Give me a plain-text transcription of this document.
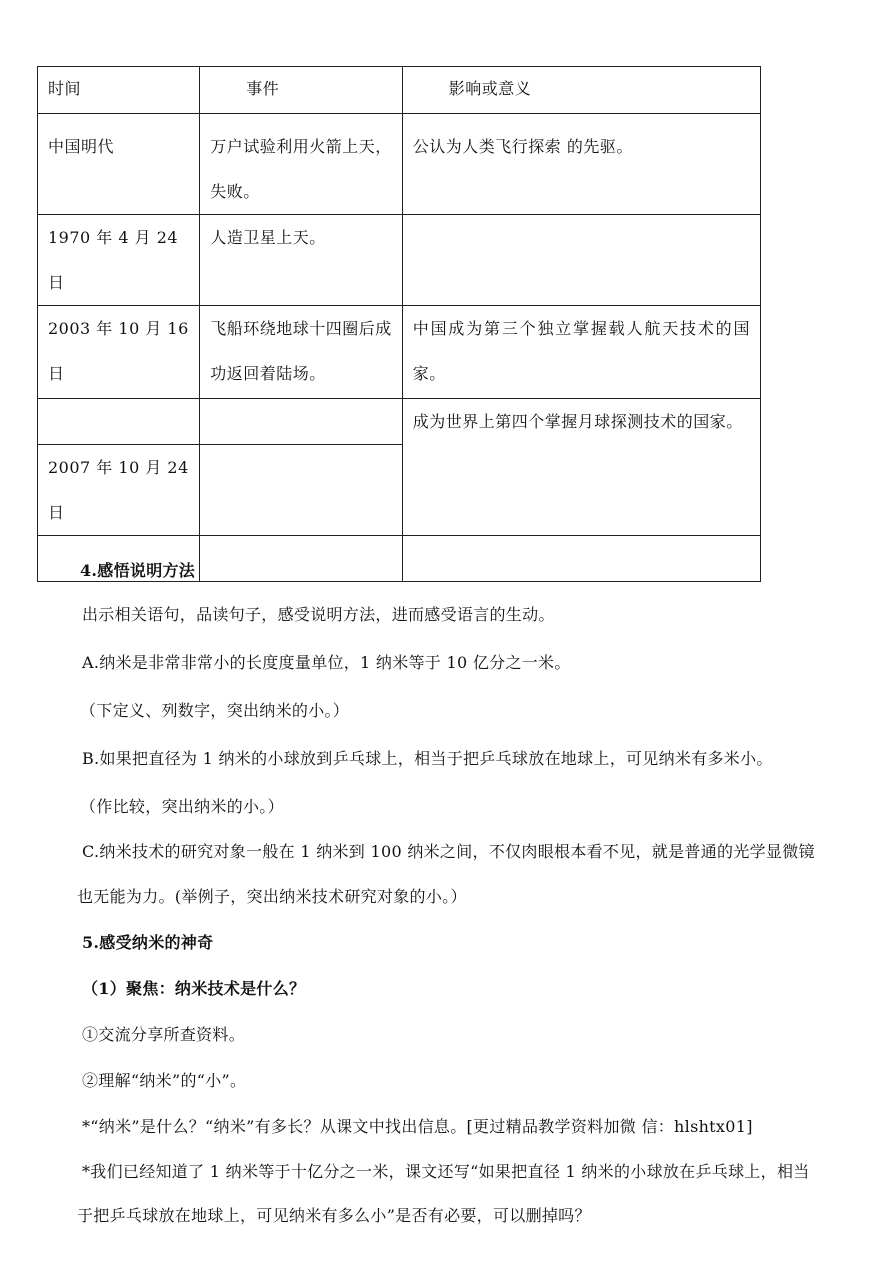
时间	事件	影响或意义
中国明代	万户试验利用火箭上天，失败。	公认为人类飞行探索 的先驱。
1970 年 4 月 24 日	人造卫星上天。	
2003 年 10 月 16 日	飞船环绕地球十四圈后成功返回着陆场。	中国成为第三个独立掌握载人航天技术的国家。
		成为世界上第四个掌握月球探测技术的国家。
2007 年 10 月 24 日		

4.感悟说明方法
出示相关语句，品读句子，感受说明方法，进而感受语言的生动。
A.纳米是非常非常小的长度度量单位，1 纳米等于 10 亿分之一米。
（下定义、列数字，突出纳米的小。）
B.如果把直径为 1 纳米的小球放到乒乓球上，相当于把乒乓球放在地球上，可见纳米有多米小。
（作比较，突出纳米的小。）
C.纳米技术的研究对象一般在 1 纳米到 100 纳米之间，不仅肉眼根本看不见，就是普通的光学显微镜
也无能为力。(举例子，突出纳米技术研究对象的小。）
5.感受纳米的神奇
（1）聚焦：纳米技术是什么？
①交流分享所查资料。
②理解“纳米”的“小”。
*“纳米”是什么？“纳米”有多长？从课文中找出信息。[更过精品教学资料加微 信：hlshtx01]
*我们已经知道了 1 纳米等于十亿分之一米，课文还写“如果把直径 1 纳米的小球放在乒乓球上，相当
于把乒乓球放在地球上，可见纳米有多么小”是否有必要，可以删掉吗？
